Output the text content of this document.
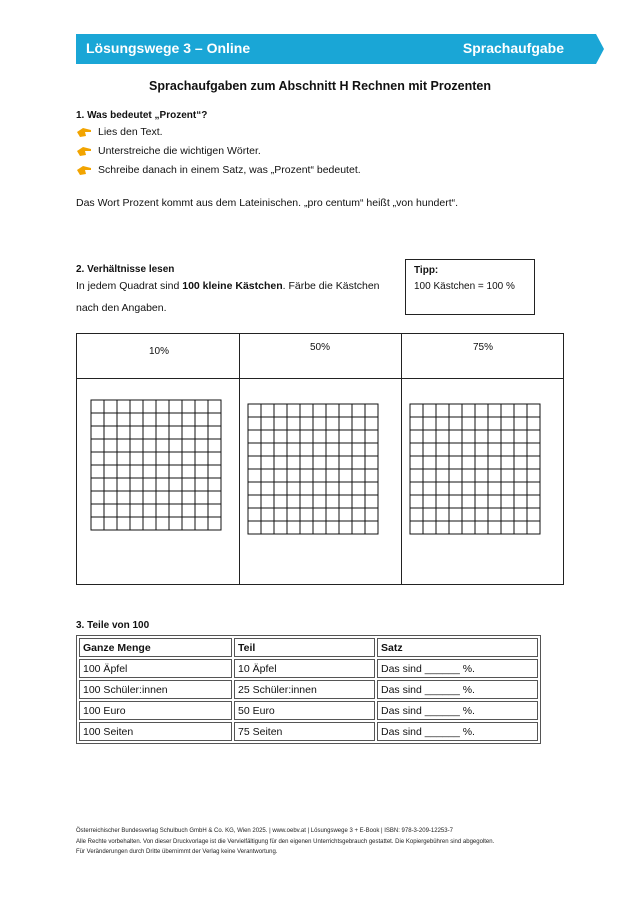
Lösungswege 3 – Online	Sprachaufgabe
Sprachaufgaben zum Abschnitt H Rechnen mit Prozenten
1. Was bedeutet „Prozent“?
Lies den Text.
Unterstreiche die wichtigen Wörter.
Schreibe danach in einem Satz, was „Prozent“ bedeutet.
Das Wort Prozent kommt aus dem Lateinischen. „pro centum“ heißt „von hundert“.
2. Verhältnisse lesen
In jedem Quadrat sind 100 kleine Kästchen. Färbe die Kästchen
nach den Angaben.
Tipp:
100 Kästchen = 100 %
10%	50%	75%
3. Teile von 100
Ganze Menge	Teil	Satz
100 Äpfel	10 Äpfel	Das sind ______ %.
100 Schüler:innen	25 Schüler:innen	Das sind ______ %.
100 Euro	50 Euro	Das sind ______ %.
100 Seiten	75 Seiten	Das sind ______ %.
Österreichischer Bundesverlag Schulbuch GmbH & Co. KG, Wien 2025. | www.oebv.at | Lösungswege 3 + E-Book | ISBN: 978-3-209-12253-7
Alle Rechte vorbehalten. Von dieser Druckvorlage ist die Vervielfältigung für den eigenen Unterrichtsgebrauch gestattet. Die Kopiergebühren sind abgegolten.
Für Veränderungen durch Dritte übernimmt der Verlag keine Verantwortung.
